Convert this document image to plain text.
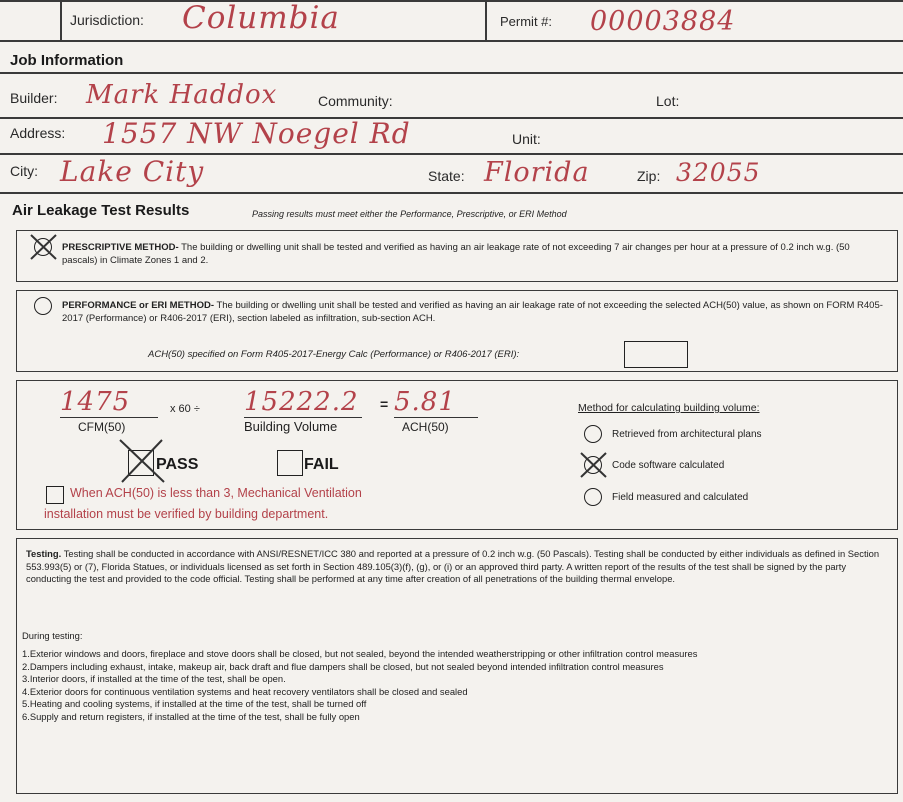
Jurisdiction: Columbia	Permit #: 00003884
Job Information
Builder: Mark Haddox	Community:	Lot:
Address: 1557 NW Noegel Rd	Unit:
City: Lake City	State: Florida	Zip: 32055
Air Leakage Test Results	Passing results must meet either the Performance, Prescriptive, or ERI Method
PRESCRIPTIVE METHOD- The building or dwelling unit shall be tested and verified as having an air leakage rate of not exceeding 7 air changes per hour at a pressure of 0.2 inch w.g. (50 pascals) in Climate Zones 1 and 2.
PERFORMANCE or ERI METHOD- The building or dwelling unit shall be tested and verified as having an air leakage rate of not exceeding the selected ACH(50) value, as shown on FORM R405-2017 (Performance) or R406-2017 (ERI), section labeled as infiltration, sub-section ACH.
ACH(50) specified on Form R405-2017-Energy Calc (Performance) or R406-2017 (ERI):
1475
CFM(50)
x 60 ÷ 15222.2
Building Volume
= 5.81
ACH(50)
PASS	FAIL
When ACH(50) is less than 3, Mechanical Ventilation
installation must be verified by building department.
Method for calculating building volume:
Retrieved from architectural plans
Code software calculated
Field measured and calculated
Testing. Testing shall be conducted in accordance with ANSI/RESNET/ICC 380 and reported at a pressure of 0.2 inch w.g. (50 Pascals). Testing shall be conducted by either individuals as defined in Section 553.993(5) or (7), Florida Statues, or individuals licensed as set forth in Section 489.105(3)(f), (g), or (i) or an approved third party. A written report of the results of the test shall be signed by the party conducting the test and provided to the code official. Testing shall be performed at any time after creation of all penetrations of the building thermal envelope.
During testing:
1.Exterior windows and doors, fireplace and stove doors shall be closed, but not sealed, beyond the intended weatherstripping or other infiltration control measures
2.Dampers including exhaust, intake, makeup air, back draft and flue dampers shall be closed, but not sealed beyond intended infiltration control measures
3.Interior doors, if installed at the time of the test, shall be open.
4.Exterior doors for continuous ventilation systems and heat recovery ventilators shall be closed and sealed
5.Heating and cooling systems, if installed at the time of the test, shall be turned off
6.Supply and return registers, if installed at the time of the test, shall be fully open
